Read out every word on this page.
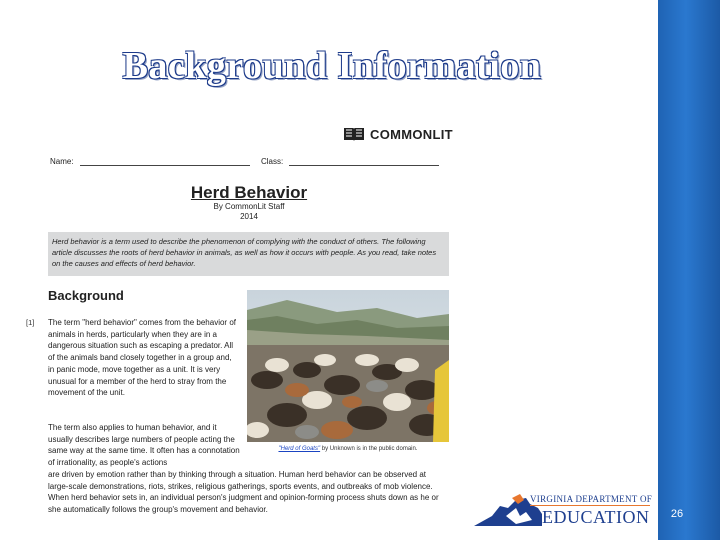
Background Information
COMMONLIT
Name:	Class:
Herd Behavior
By CommonLit Staff
2014
Herd behavior is a term used to describe the phenomenon of complying with the conduct of others. The following article discusses the roots of herd behavior in animals, as well as how it occurs with people. As you read, take notes on the causes and effects of herd behavior.
Background
[1] The term "herd behavior" comes from the behavior of animals in herds, particularly when they are in a dangerous situation such as escaping a predator. All of the animals band closely together in a group and, in panic mode, move together as a unit. It is very unusual for a member of the herd to stray from the movement of the unit.
The term also applies to human behavior, and it usually describes large numbers of people acting the same way at the same time. It often has a connotation of irrationality, as people's actions
are driven by emotion rather than by thinking through a situation. Human herd behavior can be observed at large-scale demonstrations, riots, strikes, religious gatherings, sports events, and outbreaks of mob violence. When herd behavior sets in, an individual person's judgment and opinion-forming process shuts down as he or she automatically follows the group's movement and behavior.
"Herd of Goats" by Unknown is in the public domain.
VIRGINIA DEPARTMENT OF
EDUCATION	26
